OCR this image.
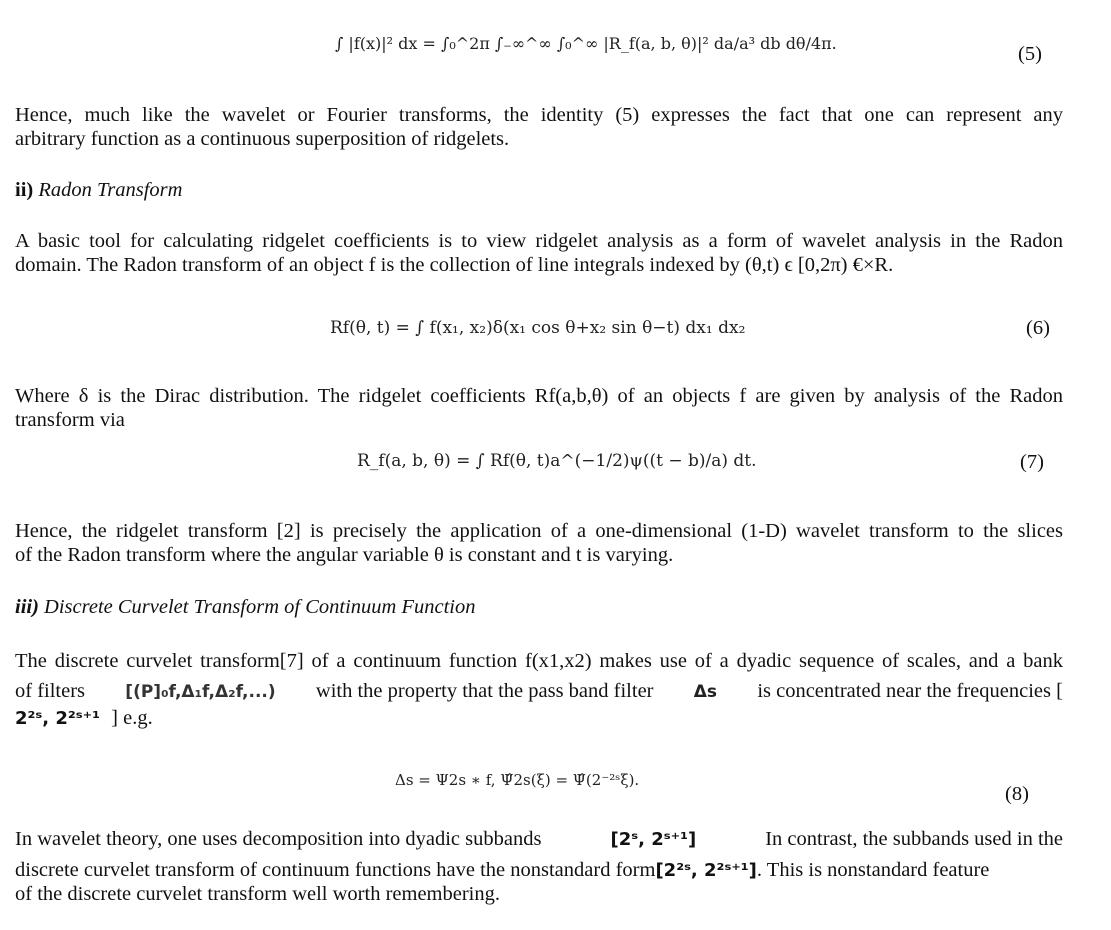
∫ |f(x)|² dx = ∫₀^2π ∫₋∞^∞ ∫₀^∞ |R_f(a, b, θ)|² da/a³ db dθ/4π.	(5)
Hence, much like the wavelet or Fourier transforms, the identity (5) expresses the fact that one can represent any
arbitrary function as a continuous superposition of ridgelets.
ii) Radon Transform
A basic tool for calculating ridgelet coefficients is to view ridgelet analysis as a form of wavelet analysis in the Radon
domain. The Radon transform of an object f is the collection of line integrals indexed by (θ,t) ϵ [0,2π) €×R.
Rf(θ, t) = ∫ f(x₁, x₂)δ(x₁ cos θ+x₂ sin θ−t) dx₁ dx₂	(6)
Where δ is the Dirac distribution. The ridgelet coefficients Rf(a,b,θ) of an objects f are given by analysis of the Radon
transform via
R_f(a, b, θ) = ∫ Rf(θ, t)a^(−1/2)ψ((t − b)/a) dt.	(7)
Hence, the ridgelet transform [2] is precisely the application of a one-dimensional (1-D) wavelet transform to the slices
of the Radon transform where the angular variable θ is constant and t is varying.
iii) Discrete Curvelet Transform of Continuum Function
The discrete curvelet transform[7] of a continuum function f(x1,x2) makes use of a dyadic sequence of scales, and a bank
of filters [(P]₀f,Δ₁f,Δ₂f,...) with the property that the pass band filter Δs is concentrated near the frequencies [
2²ˢ, 2²ˢ⁺¹ ] e.g.
Δs = Ψ2s ∗ f, Ψ̂2s(ξ) = Ψ̂(2⁻²ˢξ).
(8)
In wavelet theory, one uses decomposition into dyadic subbands	[2ˢ, 2ˢ⁺¹]	In contrast, the subbands used in the
discrete curvelet transform of continuum functions have the nonstandard form[2²ˢ, 2²ˢ⁺¹]. This is nonstandard feature
of the discrete curvelet transform well worth remembering.
